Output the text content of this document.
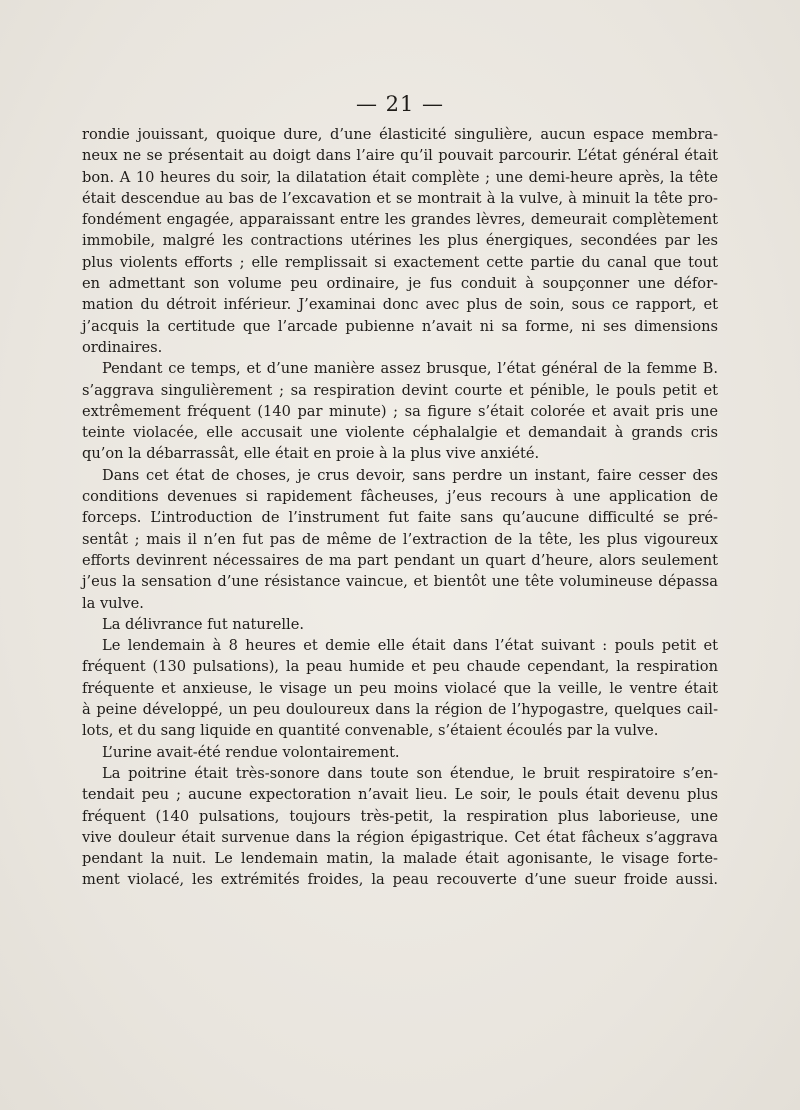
— 21 —
rondie jouissant, quoique dure, d’une élasticité singulière, aucun espace membra-
neux ne se présentait au doigt dans l’aire qu’il pouvait parcourir. L’état général était
bon. A 10 heures du soir, la dilatation était complète ; une demi-heure après, la tête
était descendue au bas de l’excavation et se montrait à la vulve, à minuit la tête pro-
fondément engagée, apparaissant entre les grandes lèvres, demeurait complètement
immobile, malgré les contractions utérines les plus énergiques, secondées par les
plus violents efforts ; elle remplissait si exactement cette partie du canal que tout
en admettant son volume peu ordinaire, je fus conduit à soupçonner une défor-
mation du détroit inférieur. J’examinai donc avec plus de soin, sous ce rapport, et
j’acquis la certitude que l’arcade pubienne n’avait ni sa forme, ni ses dimensions
ordinaires.
Pendant ce temps, et d’une manière assez brusque, l’état général de la femme B.
s’aggrava singulièrement ; sa respiration devint courte et pénible, le pouls petit et
extrêmement fréquent (140 par minute) ; sa figure s’était colorée et avait pris une
teinte violacée, elle accusait une violente céphalalgie et demandait à grands cris
qu’on la débarrassât, elle était en proie à la plus vive anxiété.
Dans cet état de choses, je crus devoir, sans perdre un instant, faire cesser des
conditions devenues si rapidement fâcheuses, j’eus recours à une application de
forceps. L’introduction de l’instrument fut faite sans qu’aucune difficulté se pré-
sentât ; mais il n’en fut pas de même de l’extraction de la tête, les plus vigoureux
efforts devinrent nécessaires de ma part pendant un quart d’heure, alors seulement
j’eus la sensation d’une résistance vaincue, et bientôt une tête volumineuse dépassa
la vulve.
La délivrance fut naturelle.
Le lendemain à 8 heures et demie elle était dans l’état suivant : pouls petit et
fréquent (130 pulsations), la peau humide et peu chaude cependant, la respiration
fréquente et anxieuse, le visage un peu moins violacé que la veille, le ventre était
à peine développé, un peu douloureux dans la région de l’hypogastre, quelques cail-
lots, et du sang liquide en quantité convenable, s’étaient écoulés par la vulve.
L’urine avait-été rendue volontairement.
La poitrine était très-sonore dans toute son étendue, le bruit respiratoire s’en-
tendait peu ; aucune expectoration n’avait lieu. Le soir, le pouls était devenu plus
fréquent (140 pulsations, toujours très-petit, la respiration plus laborieuse, une
vive douleur était survenue dans la région épigastrique. Cet état fâcheux s’aggrava
pendant la nuit. Le lendemain matin, la malade était agonisante, le visage forte-
ment violacé, les extrémités froides, la peau recouverte d’une sueur froide aussi.
